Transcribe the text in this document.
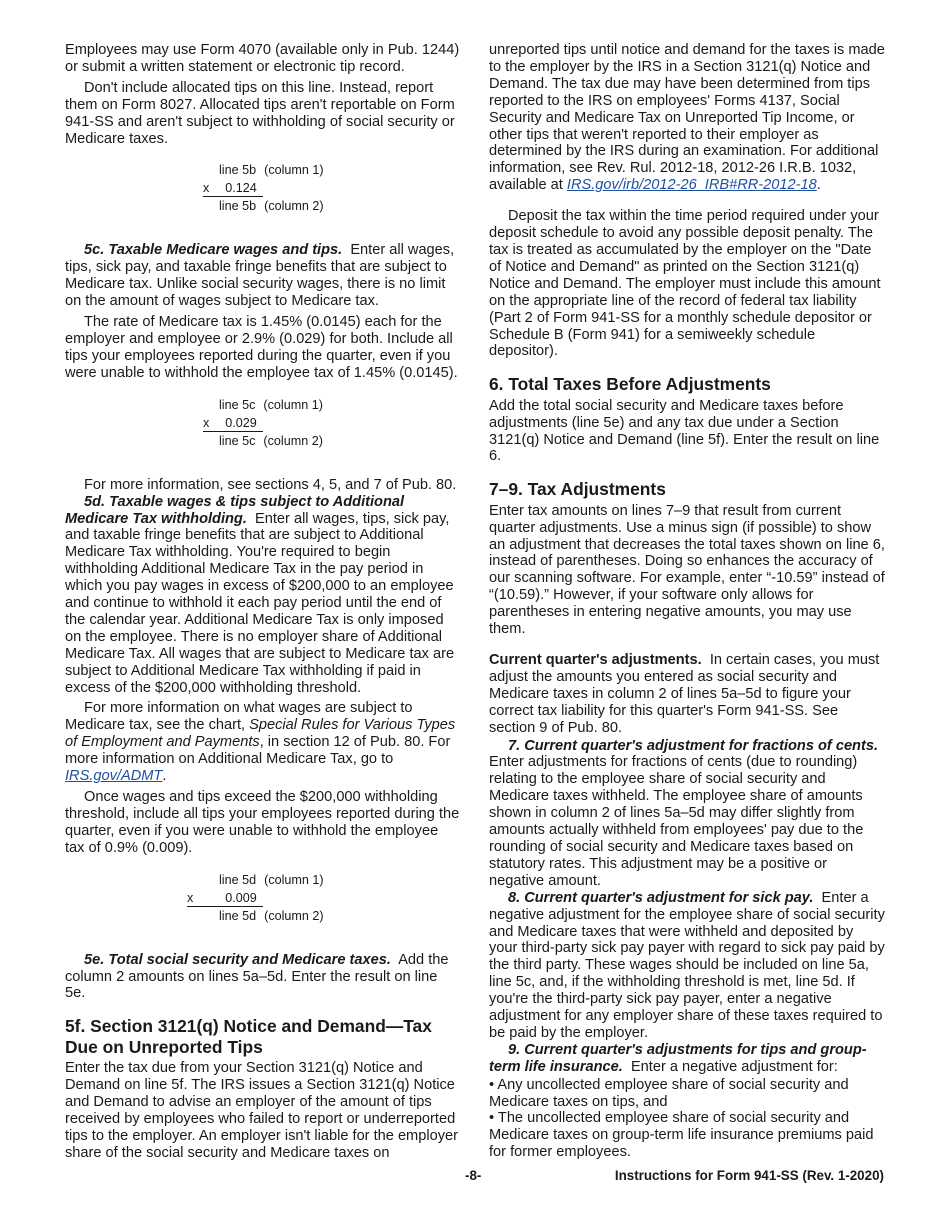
Employees may use Form 4070 (available only in Pub. 1244) or submit a written statement or electronic tip record.

Don't include allocated tips on this line. Instead, report them on Form 8027. Allocated tips aren't reportable on Form 941-SS and aren't subject to withholding of social security or Medicare taxes.

line 5b (column 1)
x 0.124
line 5b (column 2)

5c. Taxable Medicare wages and tips. Enter all wages, tips, sick pay, and taxable fringe benefits that are subject to Medicare tax. Unlike social security wages, there is no limit on the amount of wages subject to Medicare tax.

The rate of Medicare tax is 1.45% (0.0145) each for the employer and employee or 2.9% (0.029) for both. Include all tips your employees reported during the quarter, even if you were unable to withhold the employee tax of 1.45% (0.0145).

line 5c (column 1)
x 0.029
line 5c (column 2)

For more information, see sections 4, 5, and 7 of Pub. 80.

5d. Taxable wages & tips subject to Additional Medicare Tax withholding. Enter all wages, tips, sick pay, and taxable fringe benefits that are subject to Additional Medicare Tax withholding. You're required to begin withholding Additional Medicare Tax in the pay period in which you pay wages in excess of $200,000 to an employee and continue to withhold it each pay period until the end of the calendar year. Additional Medicare Tax is only imposed on the employee. There is no employer share of Additional Medicare Tax. All wages that are subject to Medicare tax are subject to Additional Medicare Tax withholding if paid in excess of the $200,000 withholding threshold.

For more information on what wages are subject to Medicare tax, see the chart, Special Rules for Various Types of Employment and Payments, in section 12 of Pub. 80. For more information on Additional Medicare Tax, go to IRS.gov/ADMT.

Once wages and tips exceed the $200,000 withholding threshold, include all tips your employees reported during the quarter, even if you were unable to withhold the employee tax of 0.9% (0.009).

line 5d (column 1)
x	0.009
line 5d (column 2)

5e. Total social security and Medicare taxes. Add the column 2 amounts on lines 5a–5d. Enter the result on line 5e.

5f. Section 3121(q) Notice and Demand—Tax Due on Unreported Tips

Enter the tax due from your Section 3121(q) Notice and Demand on line 5f. The IRS issues a Section 3121(q) Notice and Demand to advise an employer of the amount of tips received by employees who failed to report or underreported tips to the employer. An employer isn't liable for the employer share of the social security and Medicare taxes on

unreported tips until notice and demand for the taxes is made to the employer by the IRS in a Section 3121(q) Notice and Demand. The tax due may have been determined from tips reported to the IRS on employees' Forms 4137, Social Security and Medicare Tax on Unreported Tip Income, or other tips that weren't reported to their employer as determined by the IRS during an examination. For additional information, see Rev. Rul. 2012-18, 2012-26 I.R.B. 1032, available at IRS.gov/irb/2012-26_IRB#RR-2012-18.

Deposit the tax within the time period required under your deposit schedule to avoid any possible deposit penalty. The tax is treated as accumulated by the employer on the "Date of Notice and Demand" as printed on the Section 3121(q) Notice and Demand. The employer must include this amount on the appropriate line of the record of federal tax liability (Part 2 of Form 941-SS for a monthly schedule depositor or Schedule B (Form 941) for a semiweekly schedule depositor).

6. Total Taxes Before Adjustments

Add the total social security and Medicare taxes before adjustments (line 5e) and any tax due under a Section 3121(q) Notice and Demand (line 5f). Enter the result on line 6.

7–9. Tax Adjustments

Enter tax amounts on lines 7–9 that result from current quarter adjustments. Use a minus sign (if possible) to show an adjustment that decreases the total taxes shown on line 6, instead of parentheses. Doing so enhances the accuracy of our scanning software. For example, enter “-10.59” instead of “(10.59).” However, if your software only allows for parentheses in entering negative amounts, you may use them.

Current quarter's adjustments. In certain cases, you must adjust the amounts you entered as social security and Medicare taxes in column 2 of lines 5a–5d to figure your correct tax liability for this quarter's Form 941-SS. See section 9 of Pub. 80.

7. Current quarter's adjustment for fractions of cents. Enter adjustments for fractions of cents (due to rounding) relating to the employee share of social security and Medicare taxes withheld. The employee share of amounts shown in column 2 of lines 5a–5d may differ slightly from amounts actually withheld from employees' pay due to the rounding of social security and Medicare taxes based on statutory rates. This adjustment may be a positive or negative amount.

8. Current quarter's adjustment for sick pay. Enter a negative adjustment for the employee share of social security and Medicare taxes that were withheld and deposited by your third-party sick pay payer with regard to sick pay paid by the third party. These wages should be included on line 5a, line 5c, and, if the withholding threshold is met, line 5d. If you're the third-party sick pay payer, enter a negative adjustment for any employer share of these taxes required to be paid by the employer.

9. Current quarter's adjustments for tips and group-term life insurance. Enter a negative adjustment for:

• Any uncollected employee share of social security and Medicare taxes on tips, and

• The uncollected employee share of social security and Medicare taxes on group-term life insurance premiums paid for former employees.

-8-	Instructions for Form 941-SS (Rev. 1-2020)
